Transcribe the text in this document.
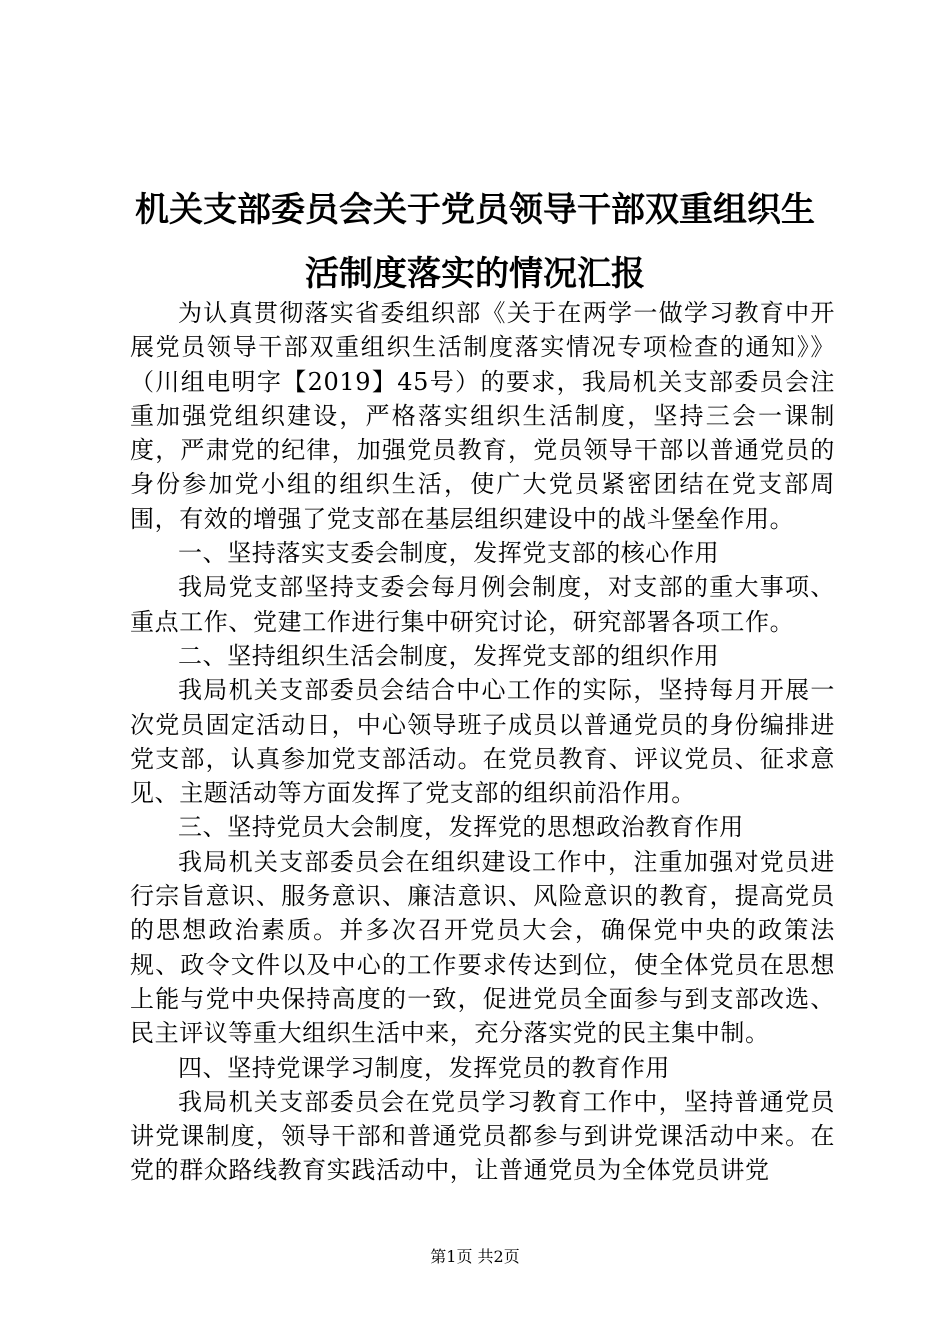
机关支部委员会关于党员领导干部双重组织生
活制度落实的情况汇报

为认真贯彻落实省委组织部《关于在两学一做学习教育中开展党员领导干部双重组织生活制度落实情况专项检查的通知》》（川组电明字【2019】45号）的要求，我局机关支部委员会注重加强党组织建设，严格落实组织生活制度，坚持三会一课制度，严肃党的纪律，加强党员教育，党员领导干部以普通党员的身份参加党小组的组织生活，使广大党员紧密团结在党支部周围，有效的增强了党支部在基层组织建设中的战斗堡垒作用。

一、坚持落实支委会制度，发挥党支部的核心作用

我局党支部坚持支委会每月例会制度，对支部的重大事项、重点工作、党建工作进行集中研究讨论，研究部署各项工作。

二、坚持组织生活会制度，发挥党支部的组织作用

我局机关支部委员会结合中心工作的实际，坚持每月开展一次党员固定活动日，中心领导班子成员以普通党员的身份编排进党支部，认真参加党支部活动。在党员教育、评议党员、征求意见、主题活动等方面发挥了党支部的组织前沿作用。

三、坚持党员大会制度，发挥党的思想政治教育作用

我局机关支部委员会在组织建设工作中，注重加强对党员进行宗旨意识、服务意识、廉洁意识、风险意识的教育，提高党员的思想政治素质。并多次召开党员大会，确保党中央的政策法规、政令文件以及中心的工作要求传达到位，使全体党员在思想上能与党中央保持高度的一致，促进党员全面参与到支部改选、民主评议等重大组织生活中来，充分落实党的民主集中制。

四、坚持党课学习制度，发挥党员的教育作用

我局机关支部委员会在党员学习教育工作中，坚持普通党员讲党课制度，领导干部和普通党员都参与到讲党课活动中来。在党的群众路线教育实践活动中，让普通党员为全体党员讲党

第1页 共2页
